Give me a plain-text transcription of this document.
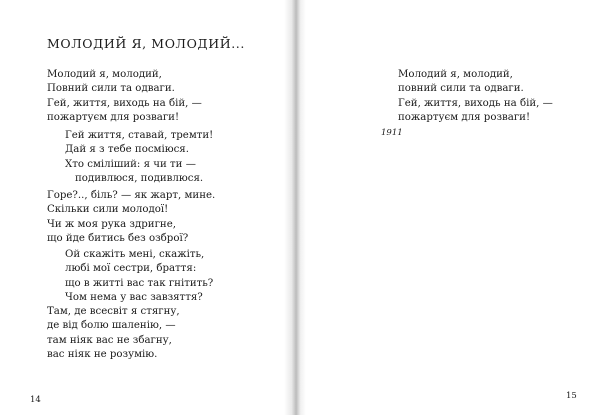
МОЛОДИЙ Я, МОЛОДИЙ...
Молодий я, молодий,
Повний сили та одваги.
Гей, життя, виходь на бій, —
пожартуєм для розваги!
Гей життя, ставай, тремти!
Дай я з тебе посміюся.
Хто сміліший: я чи ти —
подивлюся, подивлюся.
Горе?.., біль? — як жарт, мине.
Скільки сили молодої!
Чи ж моя рука здригне,
що йде битись без озброї?
Ой скажіть мені, скажіть,
любі мої сестри, браття:
що в житті вас так гнітить?
Чом нема у вас завзяття?
Там, де всесвіт я стягну,
де від болю шаленію, —
там ніяк вас не збагну,
вас ніяк не розумію.
14
Молодий я, молодий,
повний сили та одваги.
Гей, життя, виходь на бій, —
пожартуєм для розваги!
1911
15
